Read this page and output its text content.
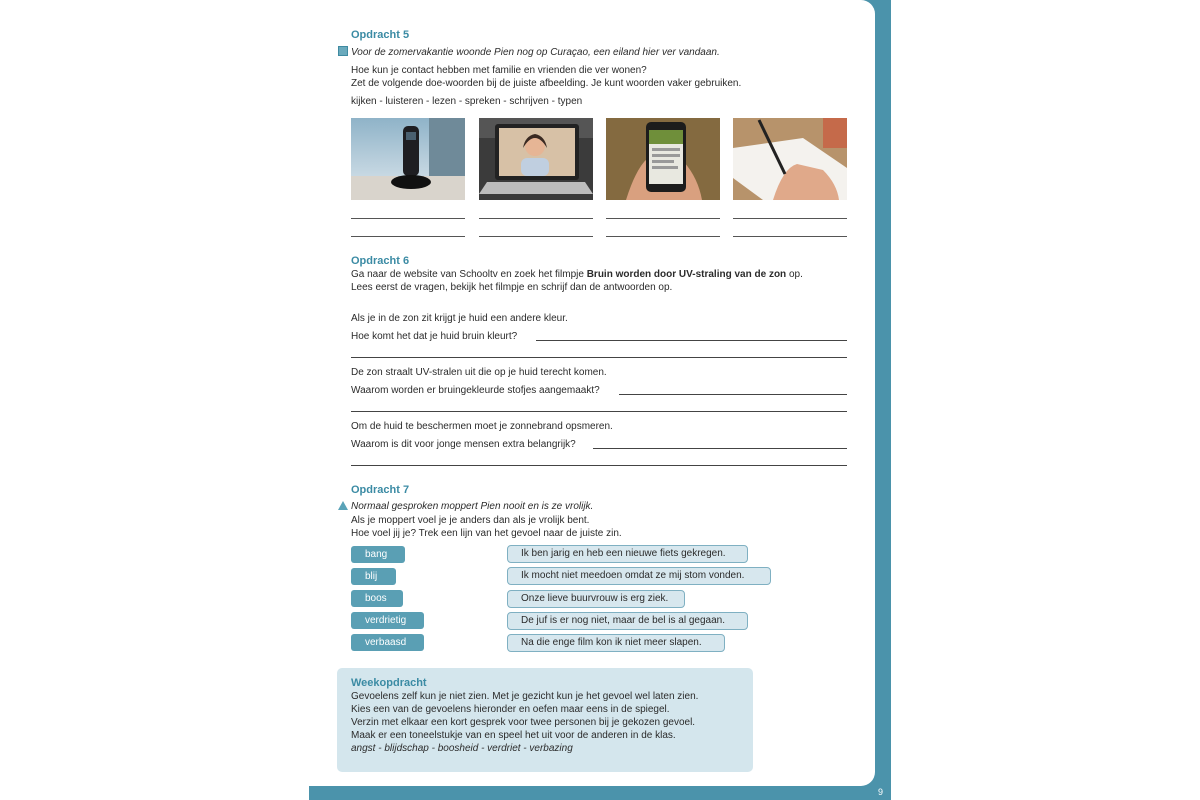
9
Opdracht 5
Voor de zomervakantie woonde Pien nog op Curaçao, een eiland hier ver vandaan.
Hoe kun je contact hebben met familie en vrienden die ver wonen?
Zet de volgende doe-woorden bij de juiste afbeelding. Je kunt woorden vaker gebruiken.
kijken - luisteren - lezen - spreken - schrijven - typen
Opdracht 6
Ga naar de website van Schooltv en zoek het filmpje Bruin worden door UV-straling van de zon op.
Lees eerst de vragen, bekijk het filmpje en schrijf dan de antwoorden op.
Als je in de zon zit krijgt je huid een andere kleur.
Hoe komt het dat je huid bruin kleurt?
De zon straalt UV-stralen uit die op je huid terecht komen.
Waarom worden er bruingekleurde stofjes aangemaakt?
Om de huid te beschermen moet je zonnebrand opsmeren.
Waarom is dit voor jonge mensen extra belangrijk?
Opdracht 7
Normaal gesproken moppert Pien nooit en is ze vrolijk.
Als je moppert voel je je anders dan als je vrolijk bent.
Hoe voel jij je? Trek een lijn van het gevoel naar de juiste zin.
bang
blij
boos
verdrietig
verbaasd
Ik ben jarig en heb een nieuwe fiets gekregen.
Ik mocht niet meedoen omdat ze mij stom vonden.
Onze lieve buurvrouw is erg ziek.
De juf is er nog niet, maar de bel is al gegaan.
Na die enge film kon ik niet meer slapen.
Weekopdracht
Gevoelens zelf kun je niet zien. Met je gezicht kun je het gevoel wel laten zien.
Kies een van de gevoelens hieronder en oefen maar eens in de spiegel.
Verzin met elkaar een kort gesprek voor twee personen bij je gekozen gevoel.
Maak er een toneelstukje van en speel het uit voor de anderen in de klas.
angst - blijdschap - boosheid - verdriet - verbazing
